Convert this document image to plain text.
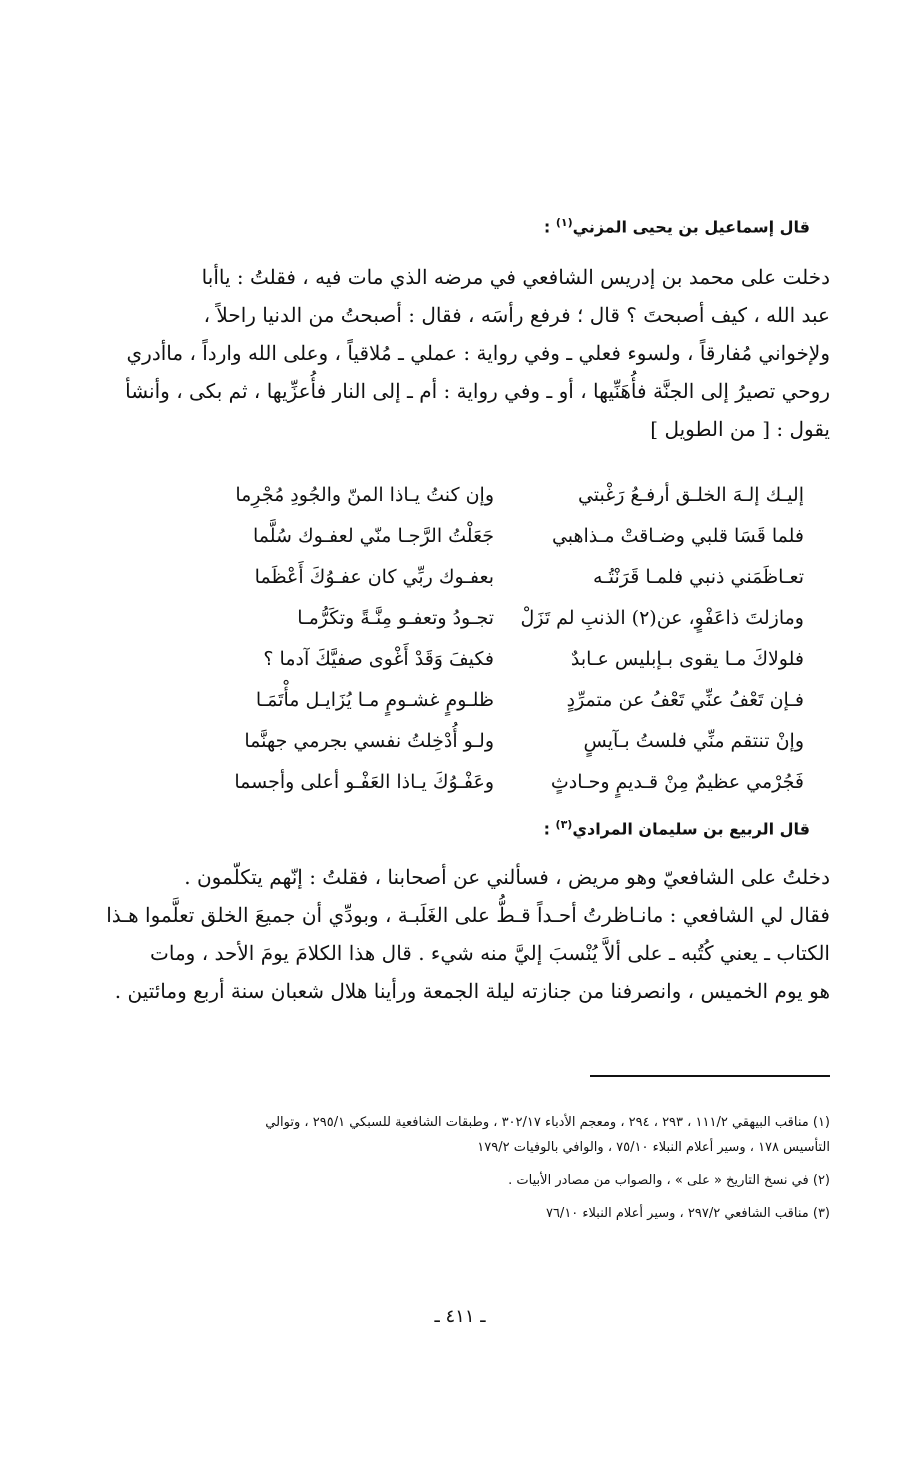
قال إسماعيل بن يحيى المزني$^{(١)}$ :
دخلت على محمد بن إدريس الشافعي في مرضه الذي مات فيه ، فقلتُ : ياأبا
عبد الله ، كيف أصبحتَ ؟ قال ؛ فرفع رأسَه ، فقال : أصبحتُ من الدنيا راحلاً ،
ولإخواني مُفارقاً ، ولسوء فعلي ـ وفي رواية : عملي ـ مُلاقياً ، وعلى الله وارداً ، ماأدري
روحي تصيرُ إلى الجنَّة فأُهَنِّيها ، أو ـ وفي رواية : أم ـ إلى النار فأُعزِّيها ، ثم بكى ، وأنشأ
يقول : [ من الطويل ]
إليـك إلـهَ الخلـق أرفـعُ رَغْبتي
وإن كنتُ يـاذا المنّ والجُودِ مُجْرِما
فلما قَسَا قلبي وضـاقتْ مـذاهبي
جَعَلْتُ الرَّجـا منّي لعفـوك سُلَّما
تعـاظَمَني ذنبي فلمـا قَرَنْتُـه
بعفـوك ربِّي كان عفـوُكَ أَعْظَما
ومازلتَ ذاعَفْوٍ، عن(٢) الذنبِ لم تَزَلْ
تجـودُ وتعفـو مِنَّـةً وتكَرُّمـا
فلولاكَ مـا يقوى بـإبليس عـابدٌ
فكيفَ وَقَدْ أَغْوى صفيَّكَ آدما ؟
فـإن تَعْفُ عنِّي تَعْفُ عن متمرِّدٍ
ظلـومٍ غشـومٍ مـا يُزَايـل مأْتَمَـا
وإنْ تنتقم منِّي فلستُ بـآيسٍ
ولـو أُدْخِلتُ نفسي بجرمي جهنَّما
فَجُرْمي عظيمٌ مِنْ قـديمٍ وحـادثٍ
وعَفْـوُكَ يـاذا العَفْـو أعلى وأجسما
قال الربيع بن سليمان المرادي$^{(٣)}$ :
دخلتُ على الشافعيّ وهو مريض ، فسألني عن أصحابنا ، فقلتُ : إنّهم يتكلّمون .
فقال لي الشافعي : مانـاظرتُ أحـداً قـطُّ على الغَلَبـة ، وبودِّي أن جميعَ الخلق تعلَّموا هـذا
الكتاب ـ يعني كُتُبه ـ على ألاَّ يُنْسبَ إليَّ منه شيء . قال هذا الكلامَ يومَ الأحد ، ومات
هو يوم الخميس ، وانصرفنا من جنازته ليلة الجمعة ورأينا هلال شعبان سنة أربع ومائتين .
(١) مناقب البيهقي ١١١/٢ ، ٢٩٣ ، ٢٩٤ ، ومعجم الأدباء ٣٠٢/١٧ ، وطبقات الشافعية للسبكي ٢٩٥/١ ، وتوالي
التأسيس ١٧٨ ، وسير أعلام النبلاء ٧٥/١٠ ، والوافي بالوفيات ١٧٩/٢
(٢) في نسخ التاريخ « على » ، والصواب من مصادر الأبيات .
(٣) مناقب الشافعي ٢٩٧/٢ ، وسير أعلام النبلاء ٧٦/١٠
ـ ٤١١ ـ
